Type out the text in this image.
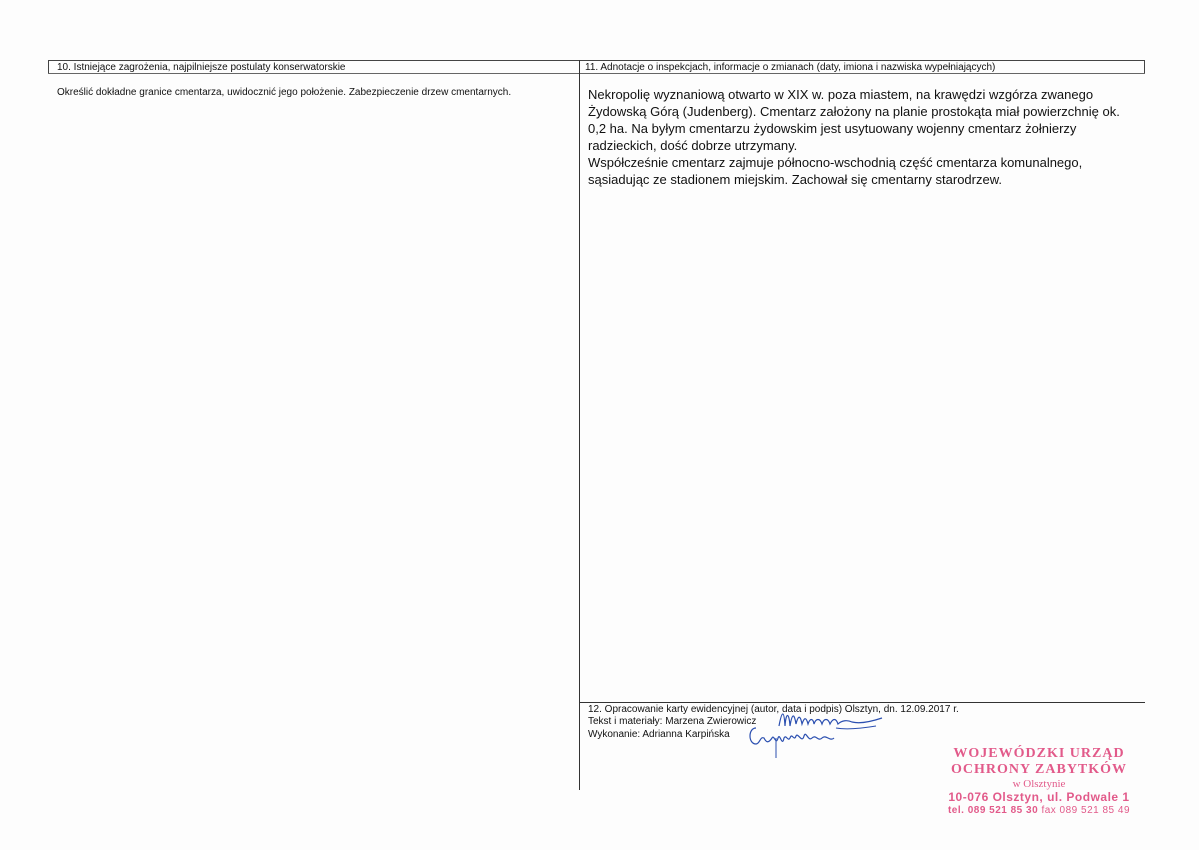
10. Istniejące zagrożenia, najpilniejsze postulaty konserwatorskie
Określić dokładne granice cmentarza, uwidocznić jego położenie. Zabezpieczenie drzew cmentarnych.
11. Adnotacje o inspekcjach, informacje o zmianach (daty, imiona i nazwiska wypełniających)

Nekropolię wyznaniową otwarto w XIX w. poza miastem, na krawędzi wzgórza zwanego Żydowską Górą (Judenberg). Cmentarz założony na planie prostokąta miał powierzchnię ok. 0,2 ha. Na byłym cmentarzu żydowskim jest usytuowany wojenny cmentarz żołnierzy radzieckich, dość dobrze utrzymany.

Współcześnie cmentarz zajmuje północno-wschodnią część cmentarza komunalnego, sąsiadując ze stadionem miejskim. Zachował się cmentarny starodrzew.

12. Opracowanie karty ewidencyjnej (autor, data i podpis) Olsztyn, dn. 12.09.2017 r.
Tekst i materiały: Marzena Zwierowicz
Wykonanie: Adrianna Karpińska
WOJEWÓDZKI URZĄD
OCHRONY ZABYTKÓW
w Olsztynie
10-076 Olsztyn, ul. Podwale 1
tel. 089 521 85 30 fax 089 521 85 49
